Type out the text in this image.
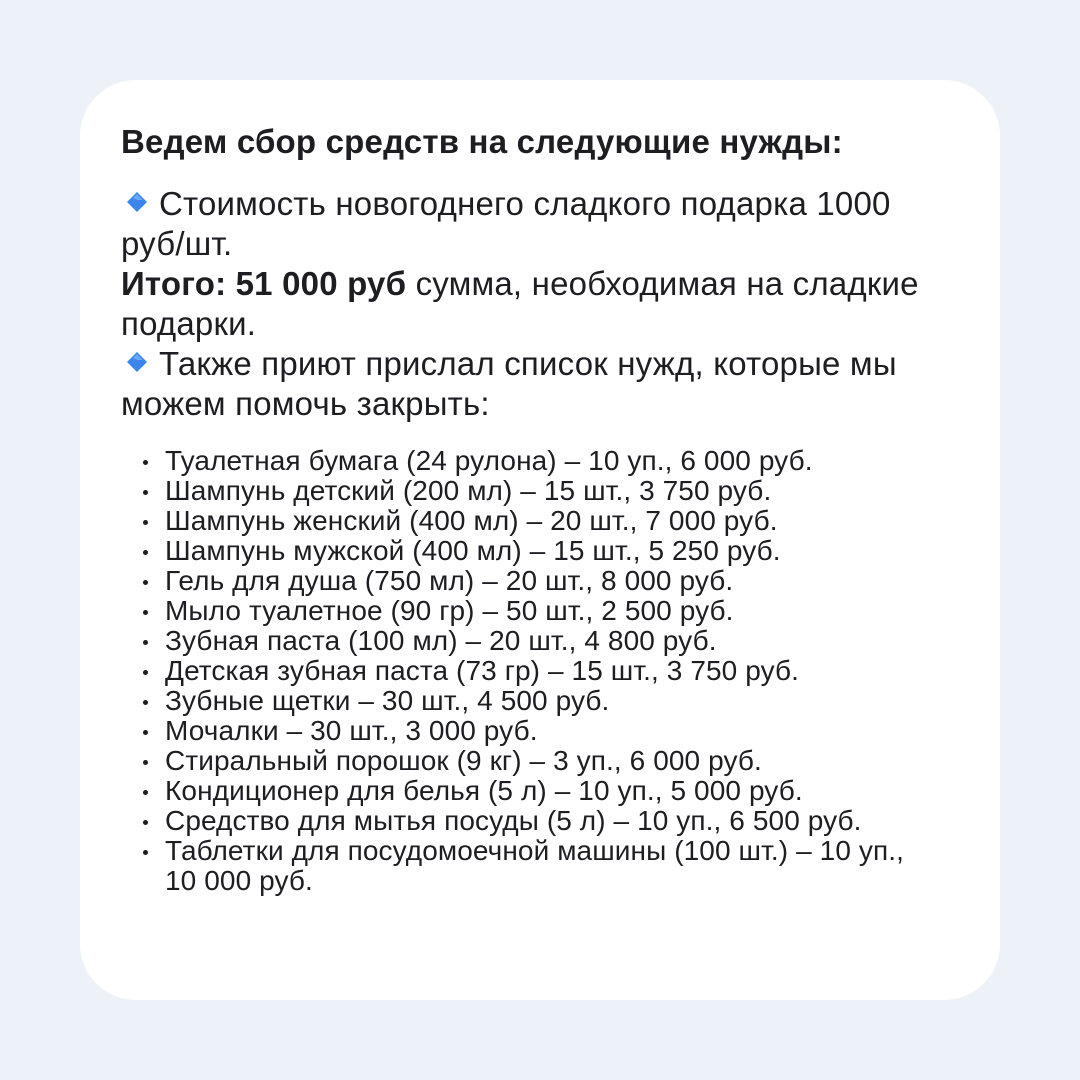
Ведем сбор средств на следующие нужды:

Стоимость новогоднего сладкого подарка 1000 руб/шт.

Итого: 51 000 руб сумма, необходимая на сладкие подарки.

Также приют прислал список нужд, которые мы можем помочь закрыть:

Туалетная бумага (24 рулона) – 10 уп., 6 000 руб.
Шампунь детский (200 мл) – 15 шт., 3 750 руб.
Шампунь женский (400 мл) – 20 шт., 7 000 руб.
Шампунь мужской (400 мл) – 15 шт., 5 250 руб.
Гель для душа (750 мл) – 20 шт., 8 000 руб.
Мыло туалетное (90 гр) – 50 шт., 2 500 руб.
Зубная паста (100 мл) – 20 шт., 4 800 руб.
Детская зубная паста (73 гр) – 15 шт., 3 750 руб.
Зубные щетки – 30 шт., 4 500 руб.
Мочалки – 30 шт., 3 000 руб.
Стиральный порошок (9 кг) – 3 уп., 6 000 руб.
Кондиционер для белья (5 л) – 10 уп., 5 000 руб.
Средство для мытья посуды (5 л) – 10 уп., 6 500 руб.
Таблетки для посудомоечной машины (100 шт.) – 10 уп., 10 000 руб.
